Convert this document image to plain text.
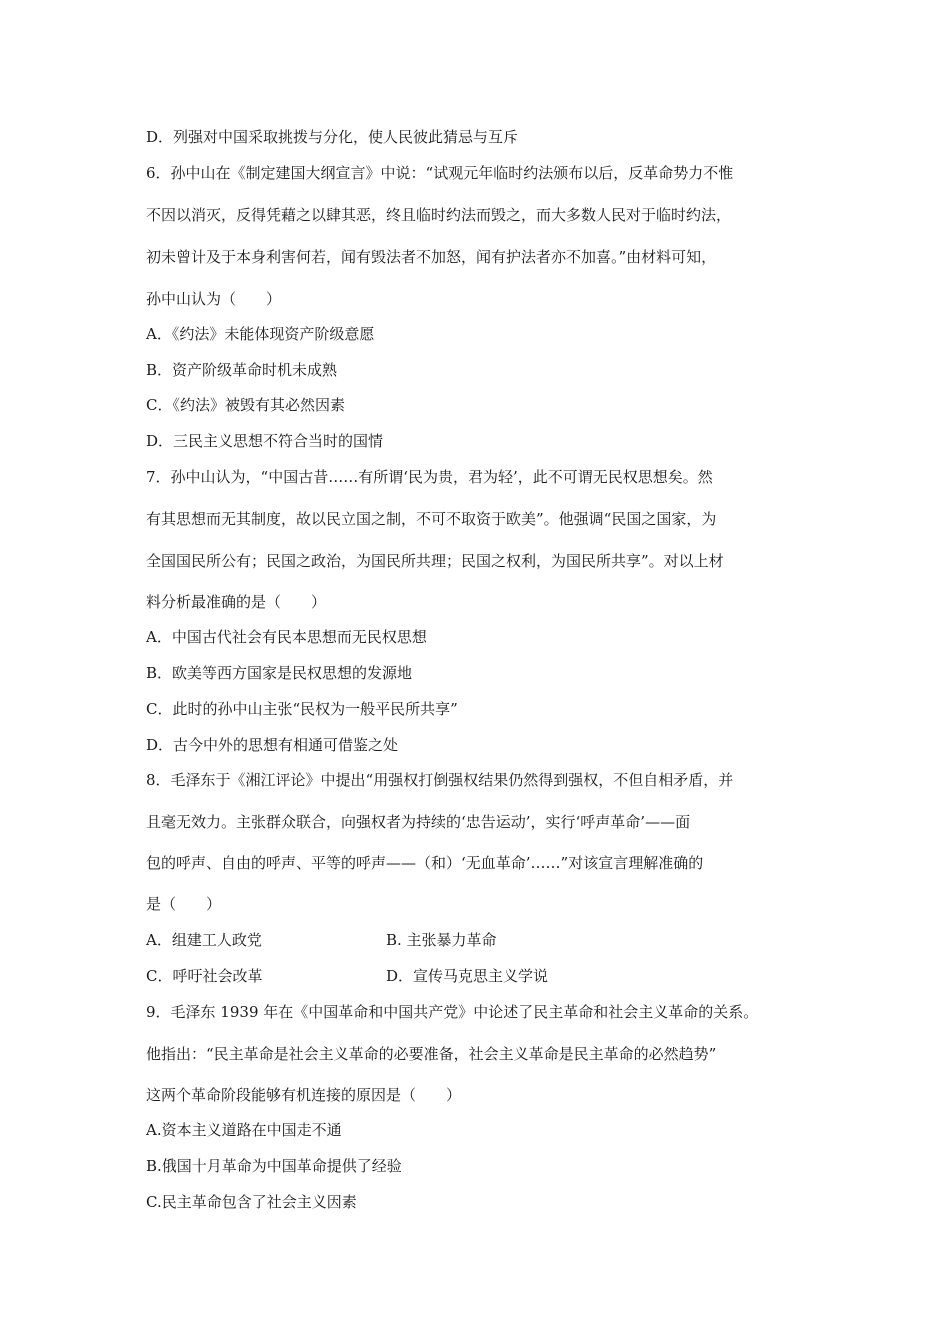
D．列强对中国采取挑拨与分化，使人民彼此猜忌与互斥
6．孙中山在《制定建国大纲宣言》中说：“试观元年临时约法颁布以后，反革命势力不惟
不因以消灭，反得凭藉之以肆其恶，终且临时约法而毁之，而大多数人民对于临时约法，
初未曾计及于本身利害何若，闻有毁法者不加怒，闻有护法者亦不加喜。”由材料可知，
孙中山认为（　　）
A．《约法》未能体现资产阶级意愿
B．资产阶级革命时机未成熟
C．《约法》被毁有其必然因素
D．三民主义思想不符合当时的国情
7．孙中山认为，“中国古昔……有所谓‘民为贵，君为轻’，此不可谓无民权思想矣。然
有其思想而无其制度，故以民立国之制，不可不取资于欧美”。他强调“民国之国家，为
全国国民所公有；民国之政治，为国民所共理；民国之权利，为国民所共享”。对以上材
料分析最准确的是（　　）
A．中国古代社会有民本思想而无民权思想
B．欧美等西方国家是民权思想的发源地
C．此时的孙中山主张“民权为一般平民所共享”
D．古今中外的思想有相通可借鉴之处
8．毛泽东于《湘江评论》中提出“用强权打倒强权结果仍然得到强权，不但自相矛盾，并
且毫无效力。主张群众联合，向强权者为持续的‘忠告运动’，实行‘呼声革命’——面
包的呼声、自由的呼声、平等的呼声——（和）‘无血革命’……”对该宣言理解准确的
是（　　）
A．组建工人政党	B. 主张暴力革命
C．呼吁社会改革	D．宣传马克思主义学说
9．毛泽东 1939 年在《中国革命和中国共产党》中论述了民主革命和社会主义革命的关系。
他指出：“民主革命是社会主义革命的必要准备，社会主义革命是民主革命的必然趋势”
这两个革命阶段能够有机连接的原因是（　　）
A.资本主义道路在中国走不通
B.俄国十月革命为中国革命提供了经验
C.民主革命包含了社会主义因素
